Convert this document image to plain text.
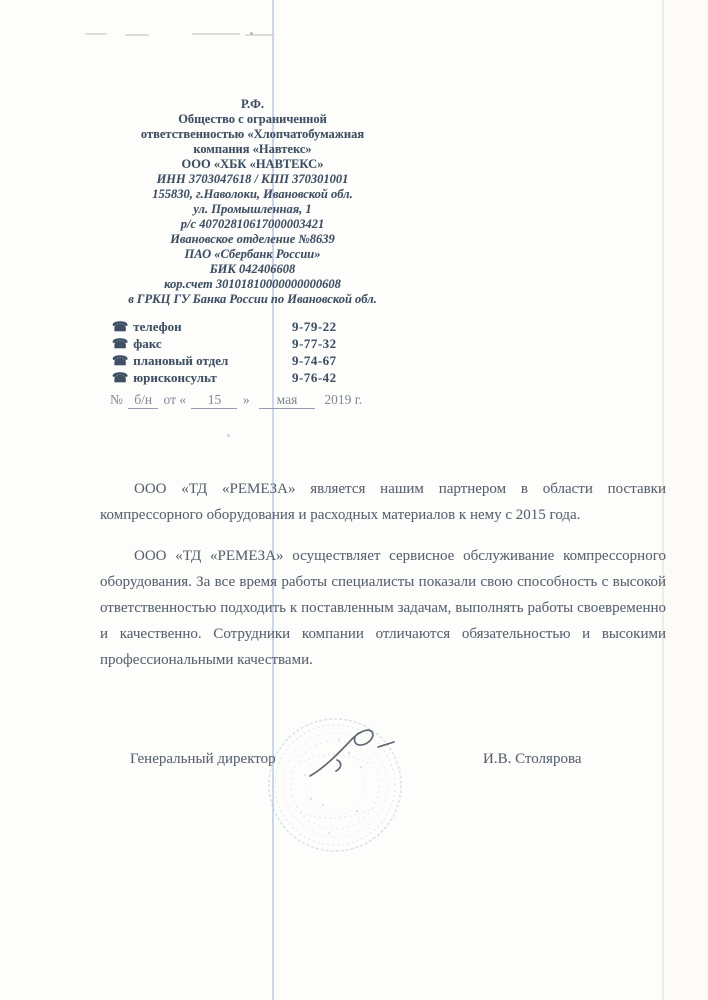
Р.Ф.
Общество с ограниченной
ответственностью «Хлопчатобумажная
компания «Навтекс»
ООО «ХБК «НАВТЕКС»
ИНН 3703047618 / КПП 370301001
155830, г.Наволоки, Ивановской обл.
ул. Промышленная, 1
р/с 40702810617000003421
Ивановское отделение №8639
ПАО «Сбербанк России»
БИК 042406608
кор.счет 30101810000000000608
в ГРКЦ ГУ Банка России по Ивановской обл.
☎ телефон	9-79-22
☎ факс	9-77-32
☎ плановый отдел	9-74-67
☎ юрисконсульт	9-76-42
№ б/н от « 15 » мая 2019 г.

ООО «ТД «РЕМЕЗА» является нашим партнером в области поставки компрессорного оборудования и расходных материалов к нему с 2015 года.

ООО «ТД «РЕМЕЗА» осуществляет сервисное обслуживание компрессорного оборудования. За все время работы специалисты показали свою способность с высокой ответственностью подходить к поставленным задачам, выполнять работы своевременно и качественно. Сотрудники компании отличаются обязательностью и высокими профессиональными качествами.

Генеральный директор	И.В. Столярова
